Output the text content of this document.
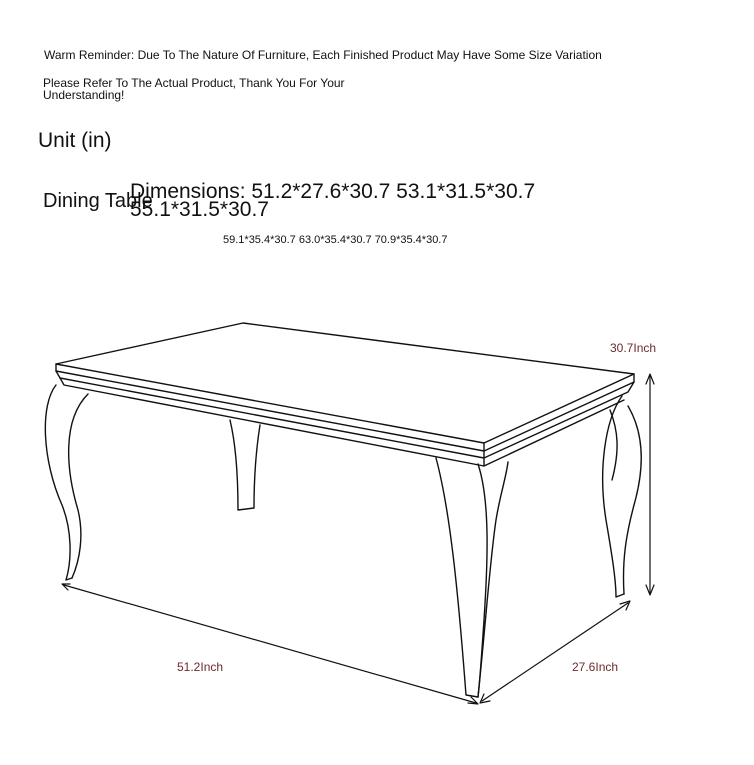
Warm Reminder: Due To The Nature Of Furniture, Each Finished Product May Have Some Size Variation
Please Refer To The Actual Product, Thank You For Your Understanding!
Unit (in)
Dining Table
Dimensions: 51.2*27.6*30.7 53.1*31.5*30.7 55.1*31.5*30.7
59.1*35.4*30.7 63.0*35.4*30.7 70.9*35.4*30.7
30.7Inch
51.2Inch	27.6Inch
